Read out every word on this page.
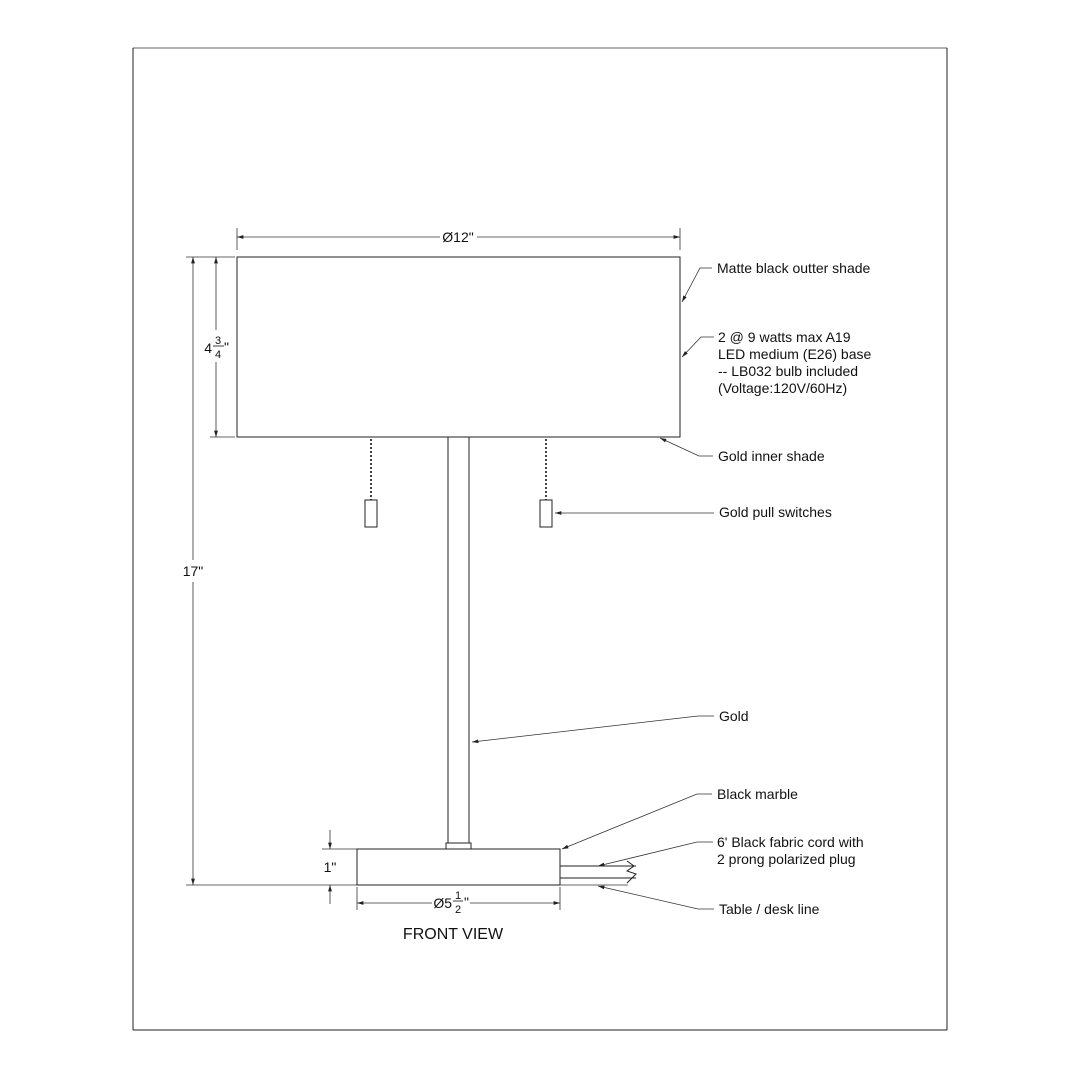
Ø12"
4 3
4 "
17"
1"
Ø5 1
2 "
Matte black outter shade
2 @ 9 watts max A19
LED medium (E26) base
-- LB032 bulb included
(Voltage:120V/60Hz)
Gold inner shade
Gold pull switches
Gold
Black marble
6' Black fabric cord with
2 prong polarized plug
Table / desk line
FRONT VIEW
